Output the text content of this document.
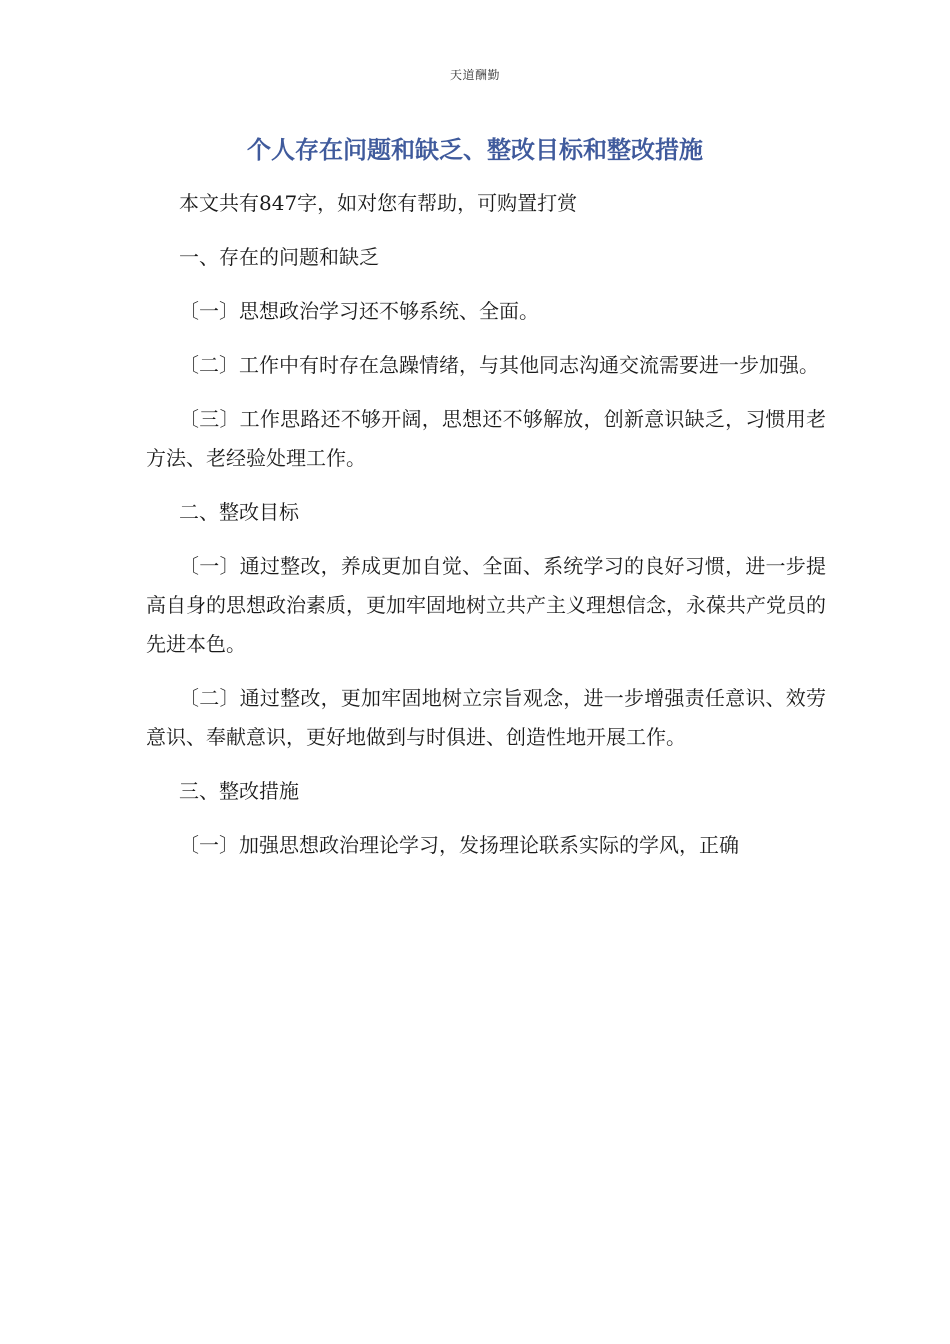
天道酬勤
个人存在问题和缺乏、整改目标和整改措施

本文共有847字，如对您有帮助，可购置打赏

一、存在的问题和缺乏

〔一〕思想政治学习还不够系统、全面。

〔二〕工作中有时存在急躁情绪，与其他同志沟通交流需要进一步加强。

〔三〕工作思路还不够开阔，思想还不够解放，创新意识缺乏，习惯用老方法、老经验处理工作。

二、整改目标

〔一〕通过整改，养成更加自觉、全面、系统学习的良好习惯，进一步提高自身的思想政治素质，更加牢固地树立共产主义理想信念，永葆共产党员的先进本色。

〔二〕通过整改，更加牢固地树立宗旨观念，进一步增强责任意识、效劳意识、奉献意识，更好地做到与时俱进、创造性地开展工作。

三、整改措施

〔一〕加强思想政治理论学习，发扬理论联系实际的学风，正确
